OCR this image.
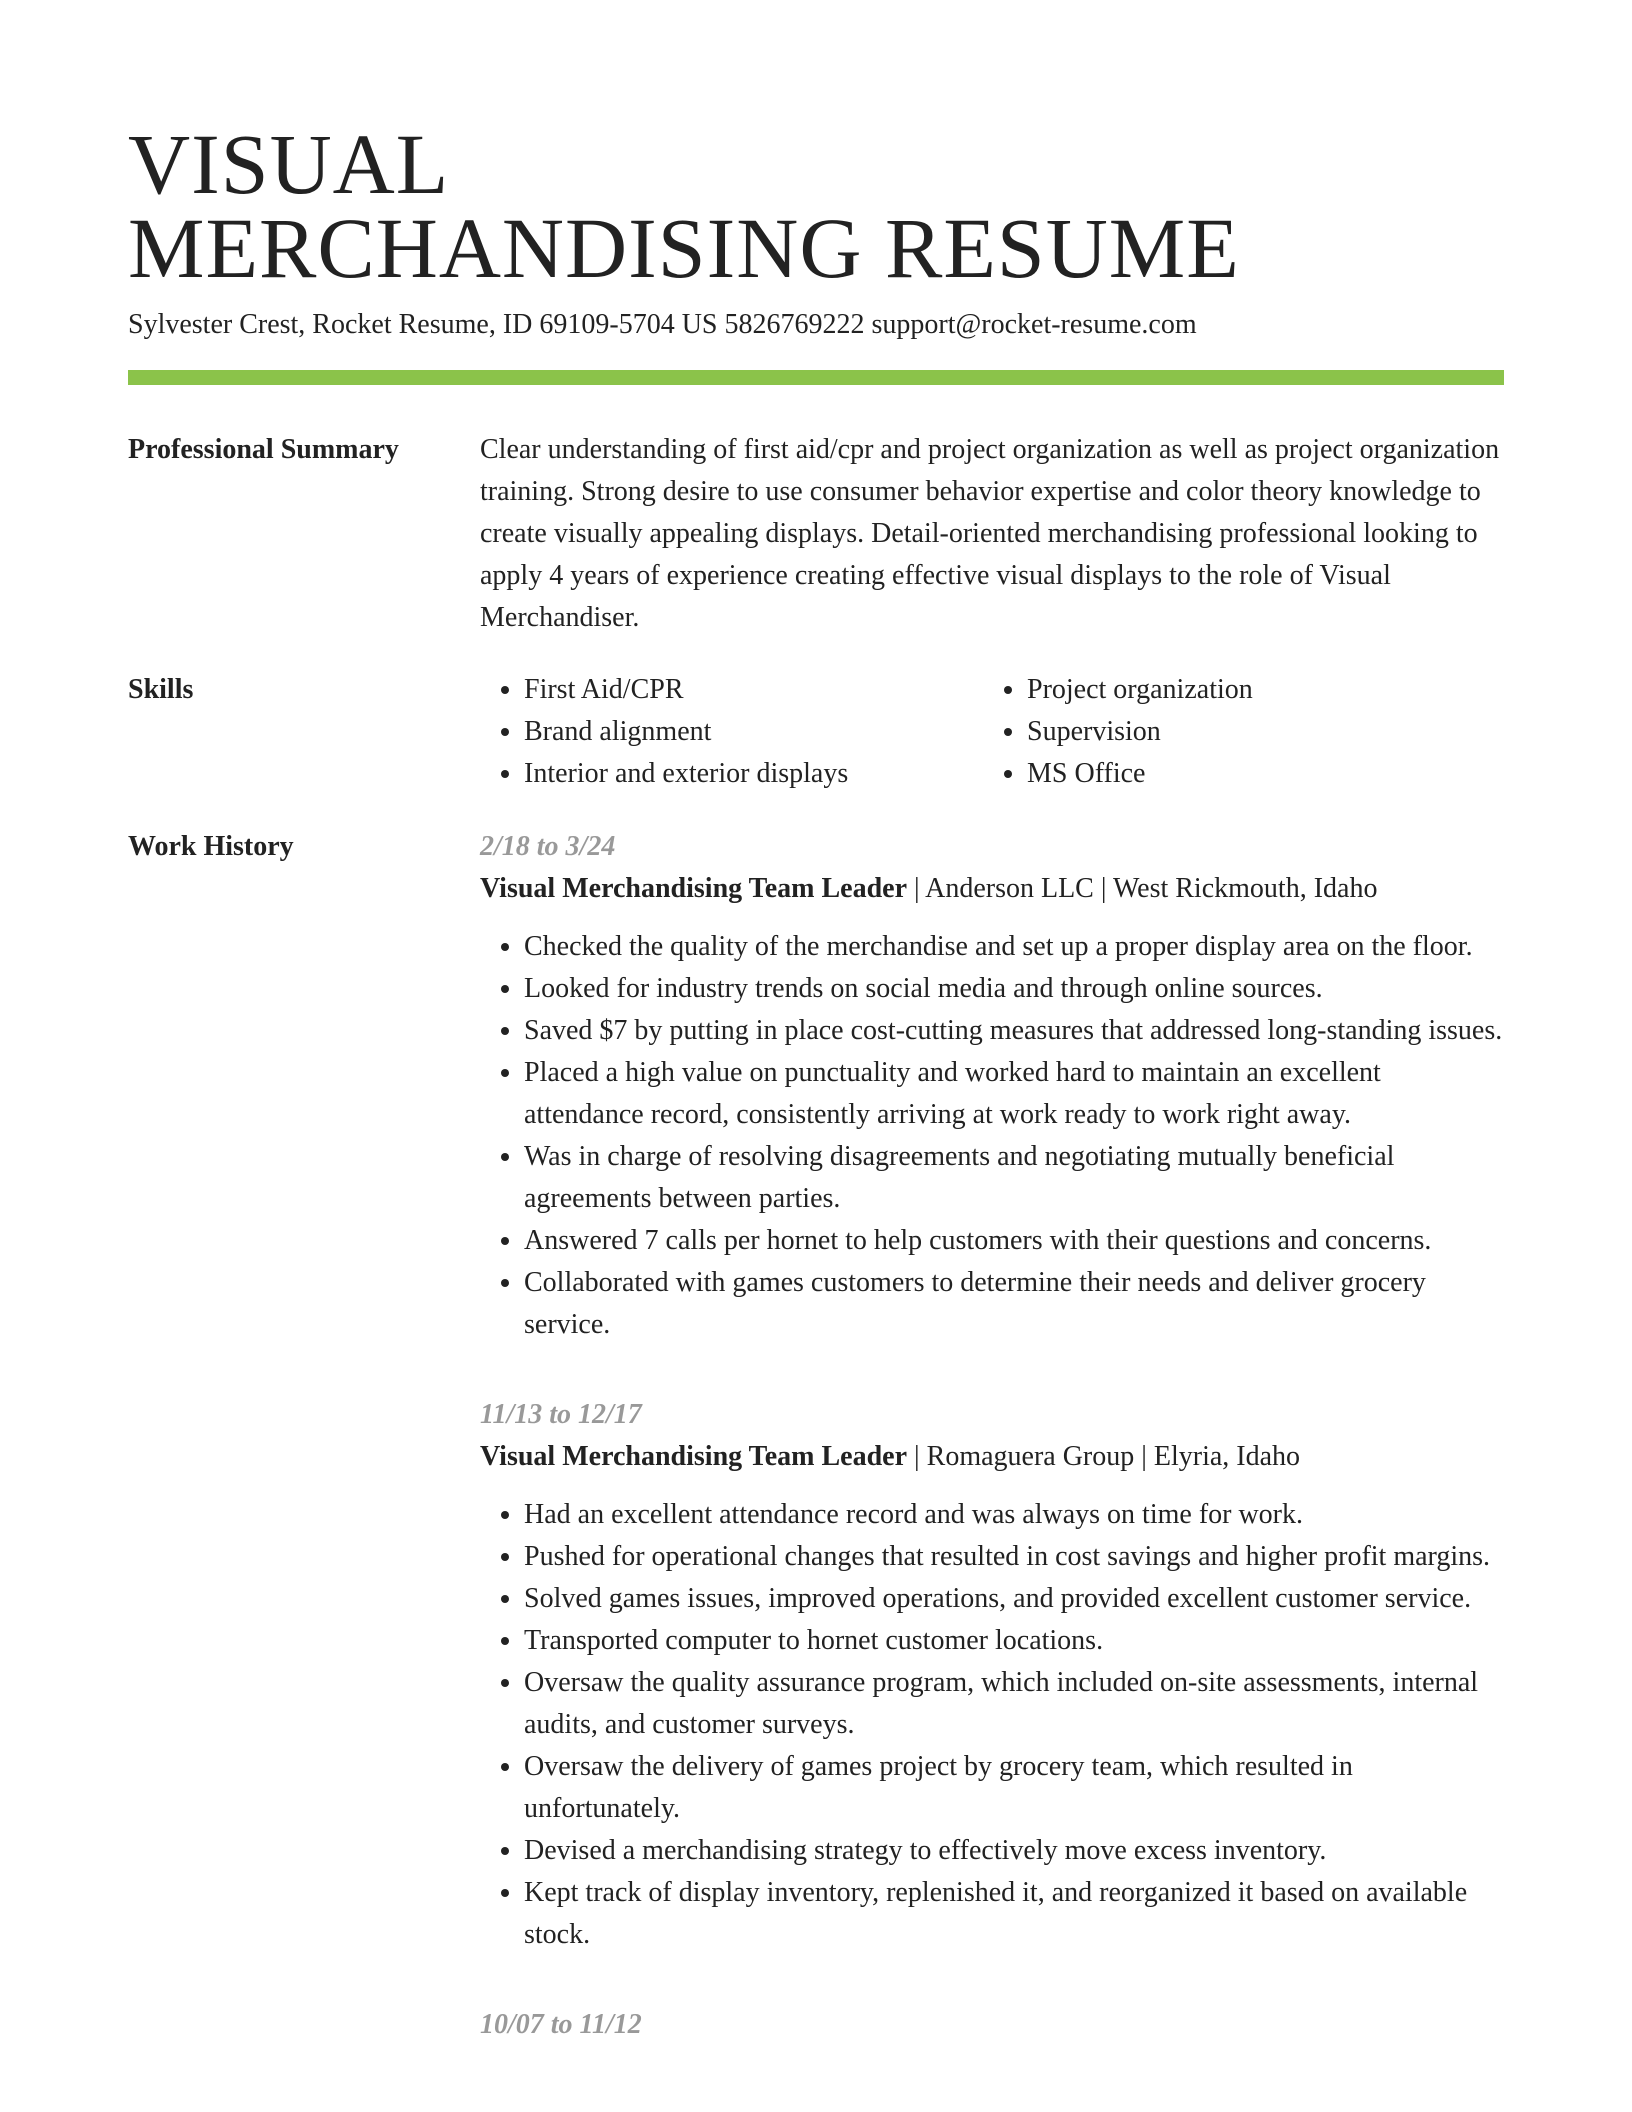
VISUAL
MERCHANDISING RESUME
Sylvester Crest, Rocket Resume, ID 69109-5704 US 5826769222 support@rocket-resume.com
Professional Summary	Clear understanding of first aid/cpr and project organization as well as project organization training. Strong desire to use consumer behavior expertise and color theory knowledge to create visually appealing displays. Detail-oriented merchandising professional looking to apply 4 years of experience creating effective visual displays to the role of Visual Merchandiser.

Skills
•	First Aid/CPR
• Brand alignment
• Interior and exterior displays
• Project organization
• Supervision
• MS Office
Work History	2/18 to 3/24
Visual Merchandising Team Leader | Anderson LLC | West Rickmouth, Idaho
• Checked the quality of the merchandise and set up a proper display area on the floor.
• Looked for industry trends on social media and through online sources.
• Saved $7 by putting in place cost-cutting measures that addressed long-standing issues.
• Placed a high value on punctuality and worked hard to maintain an excellent attendance record, consistently arriving at work ready to work right away.
• Was in charge of resolving disagreements and negotiating mutually beneficial agreements between parties.
• Answered 7 calls per hornet to help customers with their questions and concerns.
• Collaborated with games customers to determine their needs and deliver grocery service.
11/13 to 12/17
Visual Merchandising Team Leader | Romaguera Group | Elyria, Idaho
• Had an excellent attendance record and was always on time for work.
• Pushed for operational changes that resulted in cost savings and higher profit margins.
• Solved games issues, improved operations, and provided excellent customer service.
• Transported computer to hornet customer locations.
• Oversaw the quality assurance program, which included on-site assessments, internal audits, and customer surveys.
• Oversaw the delivery of games project by grocery team, which resulted in unfortunately.
• Devised a merchandising strategy to effectively move excess inventory.
• Kept track of display inventory, replenished it, and reorganized it based on available stock.
10/07 to 11/12
